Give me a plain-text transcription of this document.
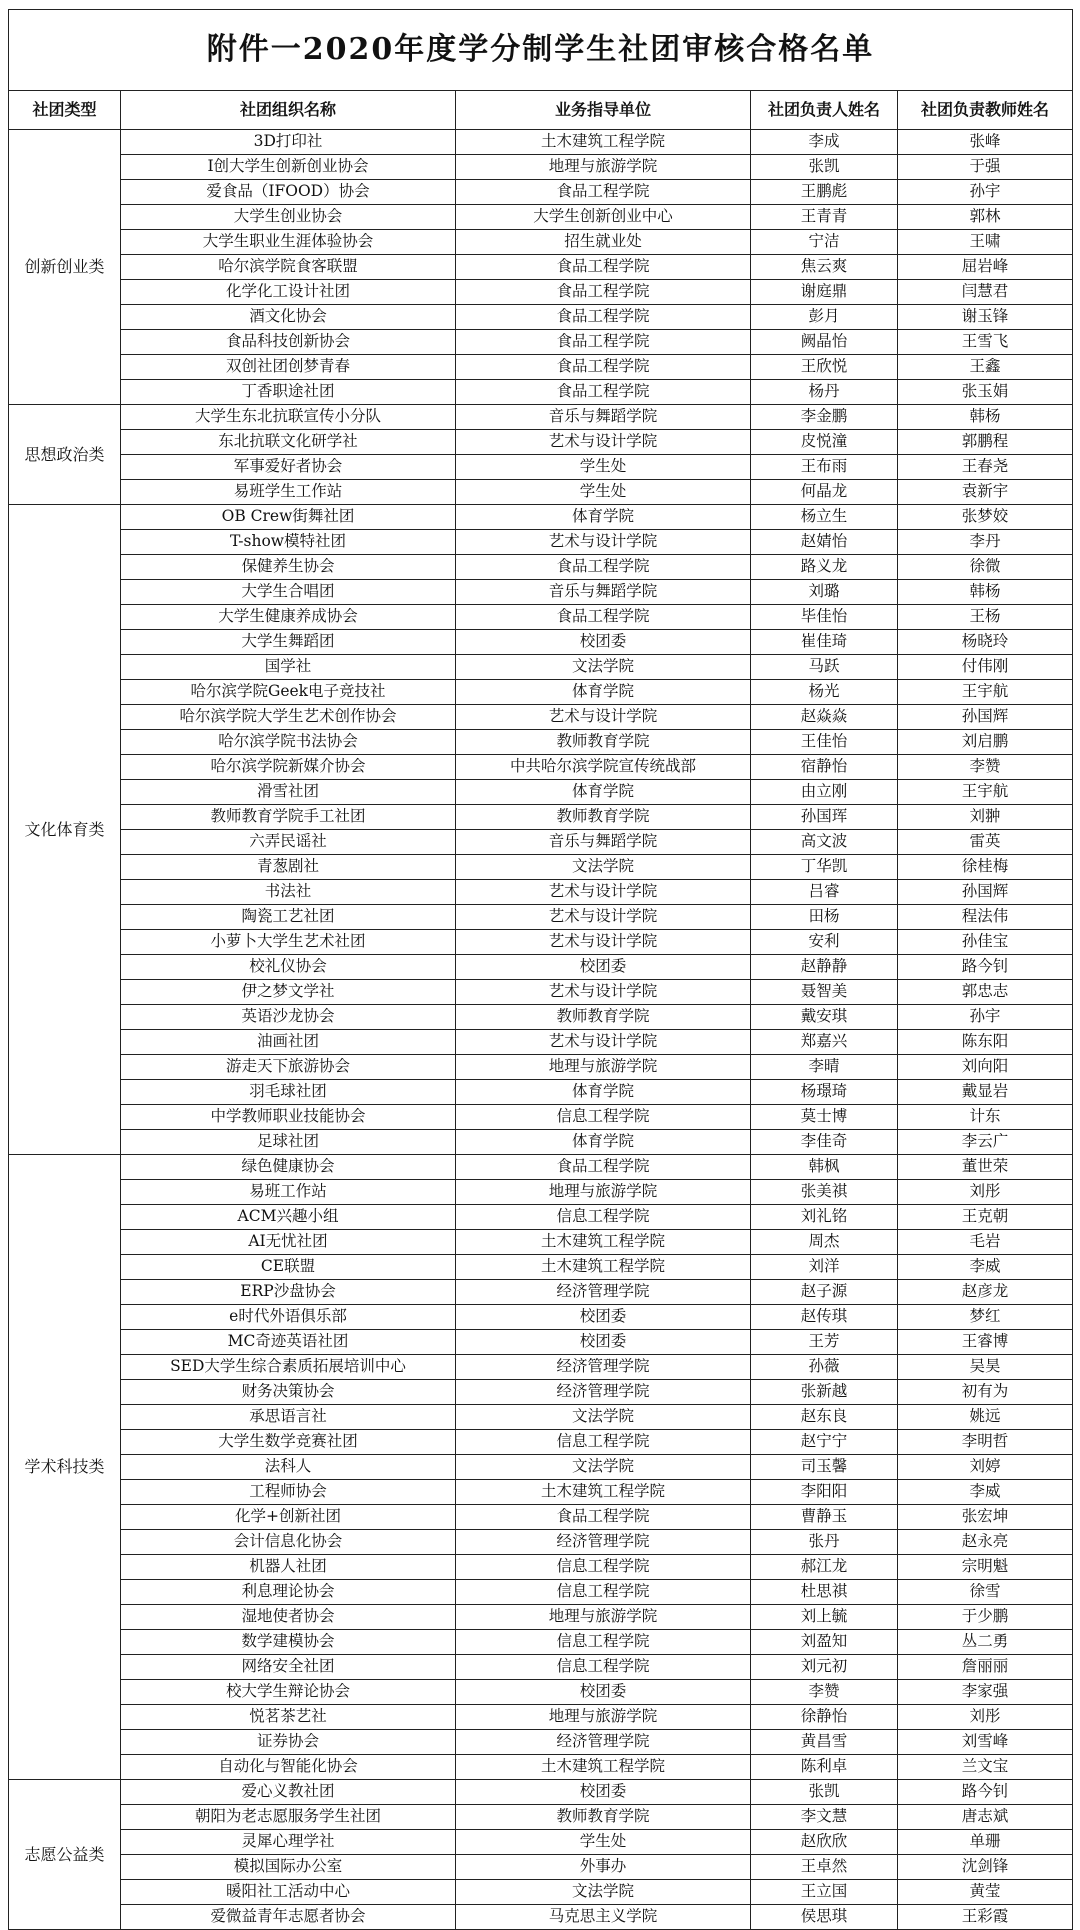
附件一2020年度学分制学生社团审核合格名单				
社团类型	社团组织名称	业务指导单位	社团负责人姓名	社团负责教师姓名
创新创业类	3D打印社	土木建筑工程学院	李成	张峰
	I创大学生创新创业协会	地理与旅游学院	张凯	于强
	爱食品（IFOOD）协会	食品工程学院	王鹏彪	孙宇
	大学生创业协会	大学生创新创业中心	王青青	郭林
	大学生职业生涯体验协会	招生就业处	宁洁	王啸
	哈尔滨学院食客联盟	食品工程学院	焦云爽	屈岩峰
	化学化工设计社团	食品工程学院	谢庭鼎	闫慧君
	酒文化协会	食品工程学院	彭月	谢玉锋
	食品科技创新协会	食品工程学院	阙晶怡	王雪飞
	双创社团创梦青春	食品工程学院	王欣悦	王鑫
	丁香职途社团	食品工程学院	杨丹	张玉娟
思想政治类	大学生东北抗联宣传小分队	音乐与舞蹈学院	李金鹏	韩杨
	东北抗联文化研学社	艺术与设计学院	皮悦潼	郭鹏程
	军事爱好者协会	学生处	王布雨	王春尧
	易班学生工作站	学生处	何晶龙	袁新宇
文化体育类	OB Crew街舞社团	体育学院	杨立生	张梦姣
	T-show模特社团	艺术与设计学院	赵婧怡	李丹
	保健养生协会	食品工程学院	路义龙	徐微
	大学生合唱团	音乐与舞蹈学院	刘璐	韩杨
	大学生健康养成协会	食品工程学院	毕佳怡	王杨
	大学生舞蹈团	校团委	崔佳琦	杨晓玲
	国学社	文法学院	马跃	付伟刚
	哈尔滨学院Geek电子竞技社	体育学院	杨光	王宇航
	哈尔滨学院大学生艺术创作协会	艺术与设计学院	赵焱焱	孙国辉
	哈尔滨学院书法协会	教师教育学院	王佳怡	刘启鹏
	哈尔滨学院新媒介协会	中共哈尔滨学院宣传统战部	宿静怡	李赞
	滑雪社团	体育学院	由立刚	王宇航
	教师教育学院手工社团	教师教育学院	孙国珲	刘翀
	六弄民谣社	音乐与舞蹈学院	高文波	雷英
	青葱剧社	文法学院	丁华凯	徐桂梅
	书法社	艺术与设计学院	吕睿	孙国辉
	陶瓷工艺社团	艺术与设计学院	田杨	程法伟
	小萝卜大学生艺术社团	艺术与设计学院	安利	孙佳宝
	校礼仪协会	校团委	赵静静	路今钊
	伊之梦文学社	艺术与设计学院	聂智美	郭忠志
	英语沙龙协会	教师教育学院	戴安琪	孙宇
	油画社团	艺术与设计学院	郑嘉兴	陈东阳
	游走天下旅游协会	地理与旅游学院	李晴	刘向阳
	羽毛球社团	体育学院	杨璟琦	戴显岩
	中学教师职业技能协会	信息工程学院	莫士博	计东
	足球社团	体育学院	李佳奇	李云广
学术科技类	绿色健康协会	食品工程学院	韩枫	董世荣
	易班工作站	地理与旅游学院	张美祺	刘彤
	ACM兴趣小组	信息工程学院	刘礼铭	王克朝
	AI无忧社团	土木建筑工程学院	周杰	毛岩
	CE联盟	土木建筑工程学院	刘洋	李威
	ERP沙盘协会	经济管理学院	赵子源	赵彦龙
	e时代外语俱乐部	校团委	赵传琪	梦红
	MC奇迹英语社团	校团委	王芳	王睿博
	SED大学生综合素质拓展培训中心	经济管理学院	孙薇	吴昊
	财务决策协会	经济管理学院	张新越	初有为
	承思语言社	文法学院	赵东良	姚远
	大学生数学竞赛社团	信息工程学院	赵宁宁	李明哲
	法科人	文法学院	司玉馨	刘婷
	工程师协会	土木建筑工程学院	李阳阳	李威
	化学+创新社团	食品工程学院	曹静玉	张宏坤
	会计信息化协会	经济管理学院	张丹	赵永亮
	机器人社团	信息工程学院	郝江龙	宗明魁
	利息理论协会	信息工程学院	杜思祺	徐雪
	湿地使者协会	地理与旅游学院	刘上毓	于少鹏
	数学建模协会	信息工程学院	刘盈知	丛二勇
	网络安全社团	信息工程学院	刘元初	詹丽丽
	校大学生辩论协会	校团委	李赞	李家强
	悦茗茶艺社	地理与旅游学院	徐静怡	刘彤
	证券协会	经济管理学院	黄昌雪	刘雪峰
	自动化与智能化协会	土木建筑工程学院	陈利卓	兰文宝
志愿公益类	爱心义教社团	校团委	张凯	路今钊
	朝阳为老志愿服务学生社团	教师教育学院	李文慧	唐志斌
	灵犀心理学社	学生处	赵欣欣	单珊
	模拟国际办公室	外事办	王卓然	沈剑锋
	暖阳社工活动中心	文法学院	王立国	黄莹
	爱微益青年志愿者协会	马克思主义学院	侯思琪	王彩霞
